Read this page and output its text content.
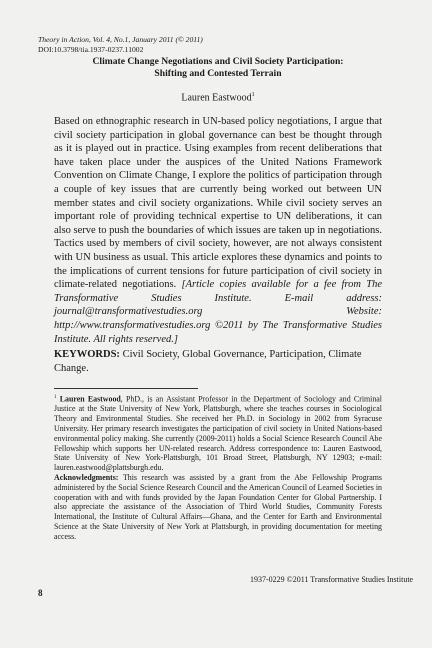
Theory in Action, Vol. 4, No.1, January 2011 (© 2011)
DOI:10.3798/tia.1937-0237.11002
Climate Change Negotiations and Civil Society Participation:
Shifting and Contested Terrain
Lauren Eastwood$^1$
Based on ethnographic research in UN-based policy negotiations, I argue that civil society participation in global governance can best be thought through as it is played out in practice. Using examples from recent deliberations that have taken place under the auspices of the United Nations Framework Convention on Climate Change, I explore the politics of participation through a couple of key issues that are currently being worked out between UN member states and civil society organizations. While civil society serves an important role of providing technical expertise to UN deliberations, it can also serve to push the boundaries of which issues are taken up in negotiations. Tactics used by members of civil society, however, are not always consistent with UN business as usual. This article explores these dynamics and points to the implications of current tensions for future participation of civil society in climate-related negotiations. [Article copies available for a fee from The Transformative Studies Institute. E-mail address: journal@transformativestudies.org Website: http://www.transformativestudies.org ©2011 by The Transformative Studies Institute. All rights reserved.]
KEYWORDS: Civil Society, Global Governance, Participation, Climate Change.

$^1$ Lauren Eastwood, PhD., is an Assistant Professor in the Department of Sociology and Criminal Justice at the State University of New York, Plattsburgh, where she teaches courses in Sociological Theory and Environmental Studies. She received her Ph.D. in Sociology in 2002 from Syracuse University. Her primary research investigates the participation of civil society in United Nations-based environmental policy making. She currently (2009-2011) holds a Social Science Research Council Abe Fellowship which supports her UN-related research. Address correspondence to: Lauren Eastwood, State University of New York-Plattsburgh, 101 Broad Street, Plattsburgh, NY 12903; e-mail: lauren.eastwood@plattsburgh.edu.

Acknowledgments: This research was assisted by a grant from the Abe Fellowship Programs administered by the Social Science Research Council and the American Council of Learned Societies in cooperation with and with funds provided by the Japan Foundation Center for Global Partnership. I also appreciate the assistance of the Association of Third World Studies, Community Forests International, the Institute of Cultural Affairs—Ghana, and the Center for Earth and Environmental Science at the State University of New York at Plattsburgh, in providing documentation for meeting access.

1937-0229 ©2011 Transformative Studies Institute
8
